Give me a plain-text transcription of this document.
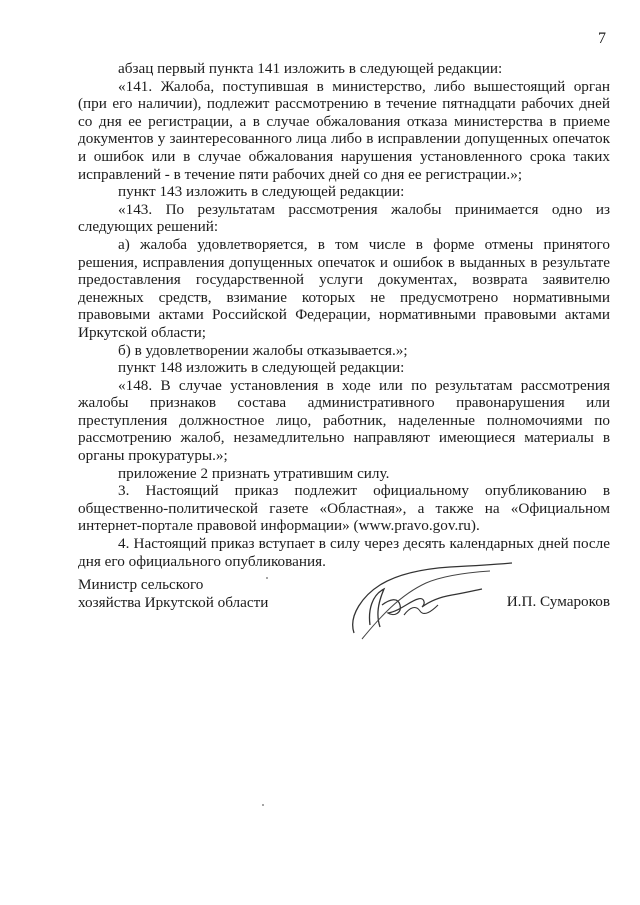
7

абзац первый пункта 141 изложить в следующей редакции:

«141. Жалоба, поступившая в министерство, либо вышестоящий орган (при его наличии), подлежит рассмотрению в течение пятнадцати рабочих дней со дня ее регистрации, а в случае обжалования отказа министерства в приеме документов у заинтересованного лица либо в исправлении допущенных опечаток и ошибок или в случае обжалования нарушения установленного срока таких исправлений - в течение пяти рабочих дней со дня ее регистрации.»;

пункт 143 изложить в следующей редакции:

«143. По результатам рассмотрения жалобы принимается одно из следующих решений:

а) жалоба удовлетворяется, в том числе в форме отмены принятого решения, исправления допущенных опечаток и ошибок в выданных в результате предоставления государственной услуги документах, возврата заявителю денежных средств, взимание которых не предусмотрено нормативными правовыми актами Российской Федерации, нормативными правовыми актами Иркутской области;

б) в удовлетворении жалобы отказывается.»;

пункт 148 изложить в следующей редакции:

«148. В случае установления в ходе или по результатам рассмотрения жалобы признаков состава административного правонарушения или преступления должностное лицо, работник, наделенные полномочиями по рассмотрению жалоб, незамедлительно направляют имеющиеся материалы в органы прокуратуры.»;

приложение 2 признать утратившим силу.

3. Настоящий приказ подлежит официальному опубликованию в общественно-политической газете «Областная», а также на «Официальном интернет-портале правовой информации» (www.pravo.gov.ru).

4. Настоящий приказ вступает в силу через десять календарных дней после дня его официального опубликования.

Министр сельского
хозяйства Иркутской области	И.П. Сумароков
